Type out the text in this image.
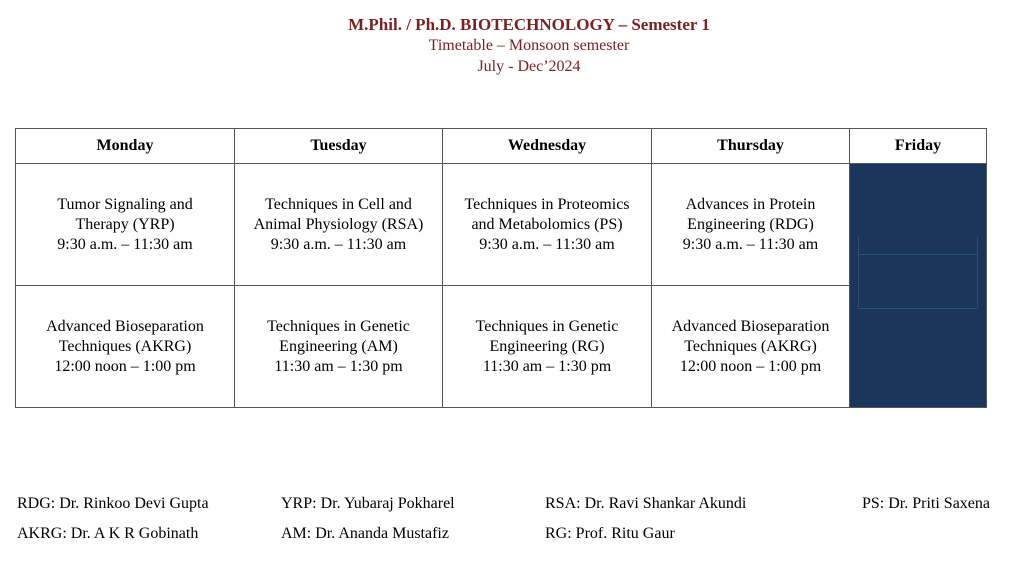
M.Phil. / Ph.D. BIOTECHNOLOGY – Semester 1
Timetable – Monsoon semester
July - Dec’2024
Monday	Tuesday	Wednesday	Thursday	Friday

Tumor Signaling and
Therapy (YRP)
9:30 a.m. – 11:30 am	Techniques in Cell and
Animal Physiology (RSA)
9:30 a.m. – 11:30 am	Techniques in Proteomics
and Metabolomics (PS)
9:30 a.m. – 11:30 am	Advances in Protein
Engineering (RDG)
9:30 a.m. – 11:30 am	

Advanced Bioseparation
Techniques (AKRG)
12:00 noon – 1:00 pm	Techniques in Genetic
Engineering (AM)
11:30 am – 1:30 pm	Techniques in Genetic
Engineering (RG)
11:30 am – 1:30 pm	Advanced Bioseparation
Techniques (AKRG)
12:00 noon – 1:00 pm	
RDG: Dr. Rinkoo Devi Gupta	YRP: Dr. Yubaraj Pokharel	RSA: Dr. Ravi Shankar Akundi	PS: Dr. Priti Saxena
AKRG: Dr. A K R Gobinath	AM: Dr. Ananda Mustafiz	RG: Prof. Ritu Gaur
